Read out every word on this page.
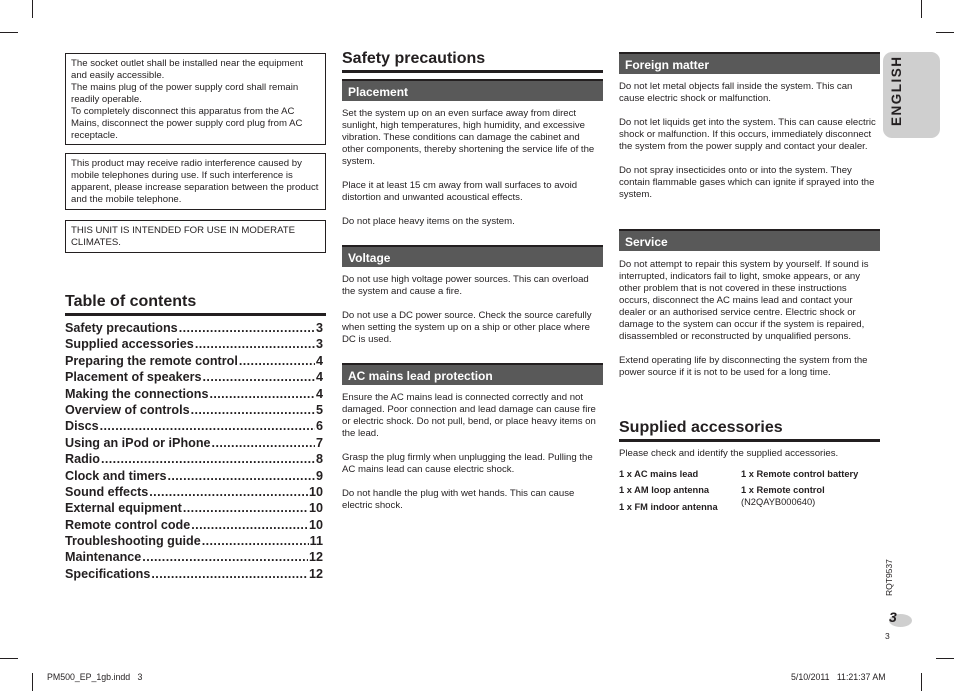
The socket outlet shall be installed near the equipment and easily accessible.

The mains plug of the power supply cord shall remain readily operable.

To completely disconnect this apparatus from the AC Mains, disconnect the power supply cord plug from AC receptacle.

This product may receive radio interference caused by mobile telephones during use. If such interference is apparent, please increase separation between the product and the mobile telephone.

THIS UNIT IS INTENDED FOR USE IN MODERATE CLIMATES.

Table of contents
Safety precautions .....	3
Supplied accessories .....	3
Preparing the remote control .....	4
Placement of speakers .....	4
Making the connections .....	4
Overview of controls .....	5
Discs .....	6
Using an iPod or iPhone .....	7
Radio .....	8
Clock and timers .....	9
Sound effects .....	10
External equipment .....	10
Remote control code .....	10
Troubleshooting guide .....	11
Maintenance .....	12
Specifications .....	12
Safety precautions
Placement

Set the system up on an even surface away from direct sunlight, high temperatures, high humidity, and excessive vibration. These conditions can damage the cabinet and other components, thereby shortening the service life of the system.

Place it at least 15 cm away from wall surfaces to avoid distortion and unwanted acoustical effects.

Do not place heavy items on the system.

Voltage

Do not use high voltage power sources. This can overload the system and cause a fire.

Do not use a DC power source. Check the source carefully when setting the system up on a ship or other place where DC is used.

AC mains lead protection

Ensure the AC mains lead is connected correctly and not damaged. Poor connection and lead damage can cause fire or electric shock. Do not pull, bend, or place heavy items on the lead.

Grasp the plug firmly when unplugging the lead. Pulling the AC mains lead can cause electric shock.

Do not handle the plug with wet hands. This can cause electric shock.

Foreign matter

Do not let metal objects fall inside the system. This can cause electric shock or malfunction.

Do not let liquids get into the system. This can cause electric shock or malfunction. If this occurs, immediately disconnect the system from the power supply and contact your dealer.

Do not spray insecticides onto or into the system. They contain flammable gases which can ignite if sprayed into the system.

Service

Do not attempt to repair this system by yourself. If sound is interrupted, indicators fail to light, smoke appears, or any other problem that is not covered in these instructions occurs, disconnect the AC mains lead and contact your dealer or an authorised service centre. Electric shock or damage to the system can occur if the system is repaired, disassembled or reconstructed by unqualified persons.

Extend operating life by disconnecting the system from the power source if it is not to be used for a long time.

Supplied accessories
Please check and identify the supplied accessories.
1 x AC mains lead
1 x AM loop antenna
1 x FM indoor antenna
1 x Remote control battery
1 x Remote control
(N2QAYB000640)
ENGLISH
RQT9537
3
3
PM500_EP_1gb.indd   3	5/10/2011   11:21:37 AM
